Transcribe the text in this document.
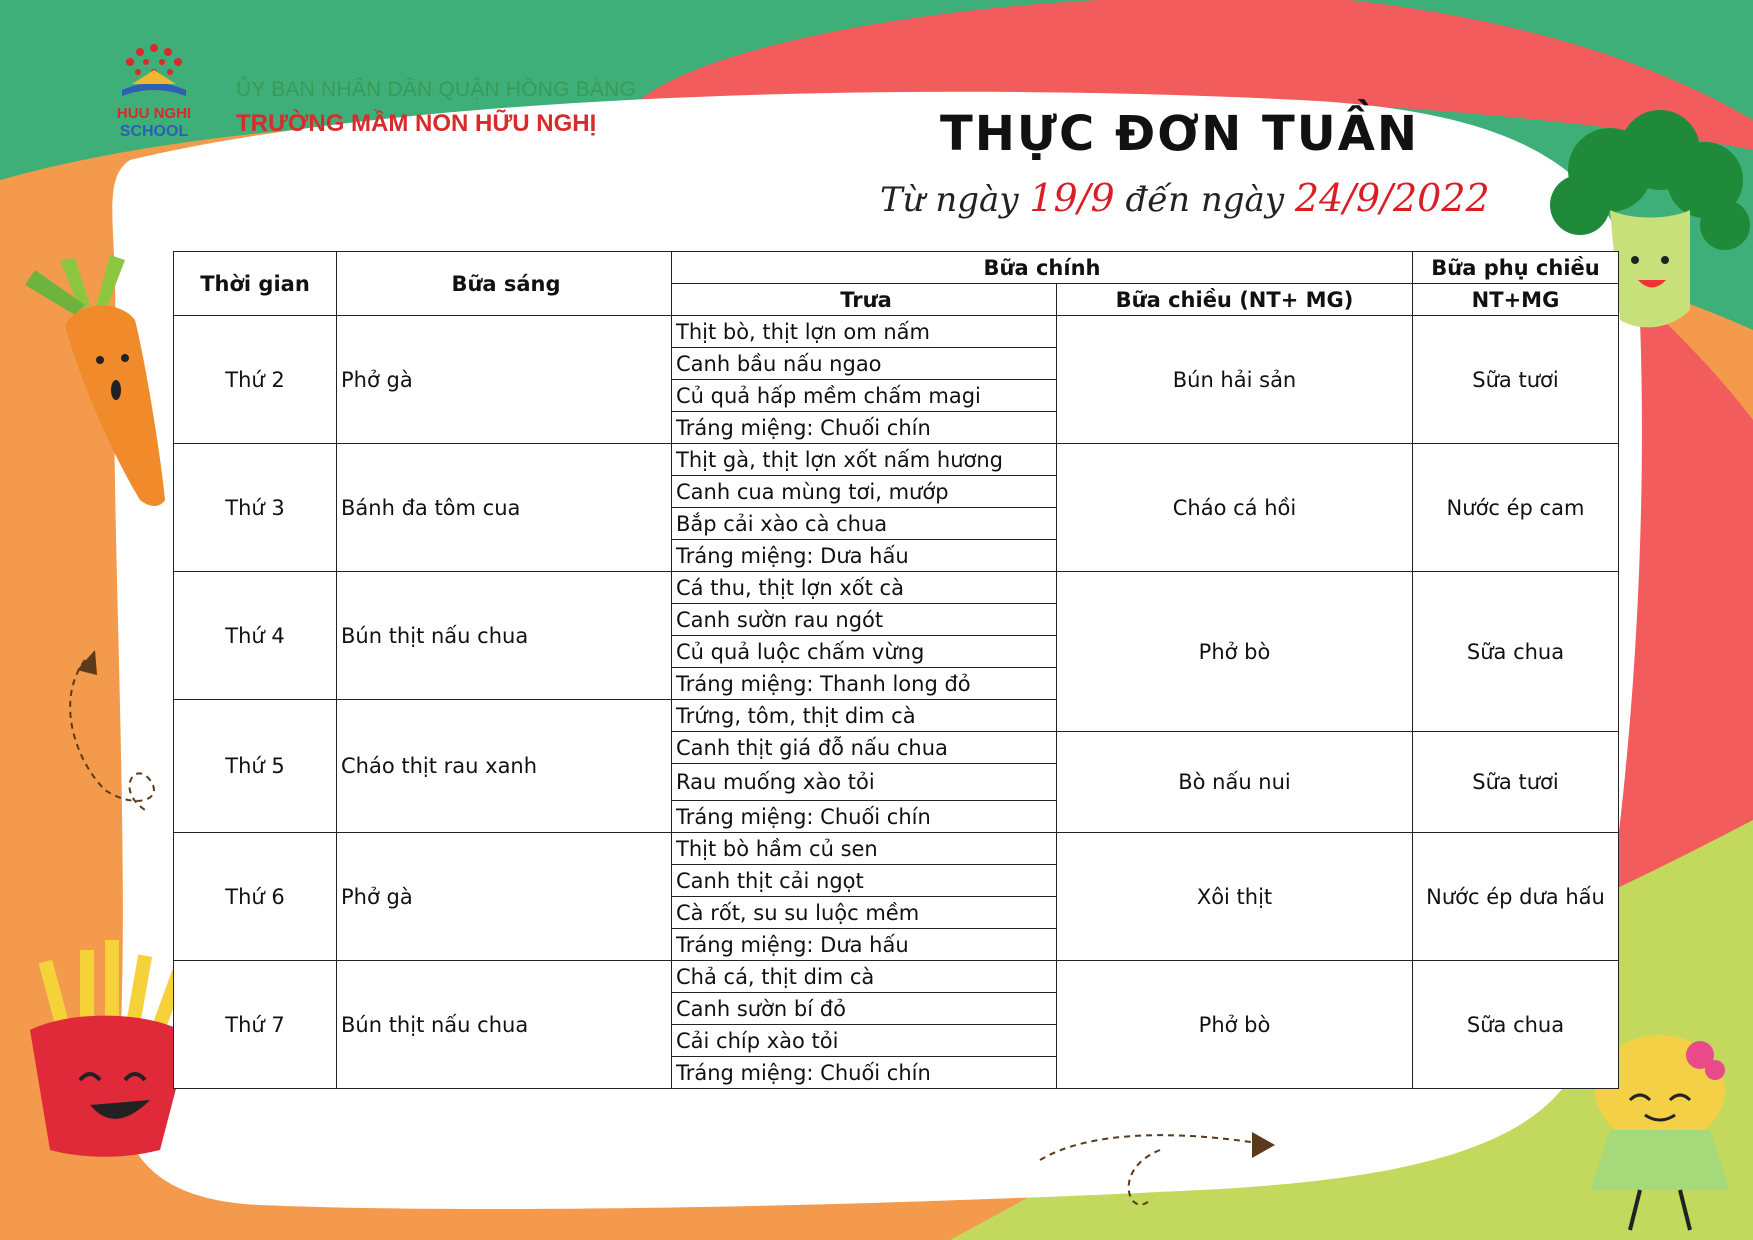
HUU NGHI
SCHOOL
ỦY BAN NHÂN DÂN QUẬN HỒNG BÀNG
TRƯỜNG MẦM NON HỮU NGHỊ	THỰC ĐƠN TUẦN
Từ ngày 19/9 đến ngày 24/9/2022
Thời gian	Bữa sáng	Bữa chính		Bữa phụ chiều
		Trưa	Bữa chiều (NT+ MG)	NT+MG
Thứ 2	Phở gà	Thịt bò, thịt lợn om nấm	Bún hải sản	Sữa tươi
		Canh bầu nấu ngao		
		Củ quả hấp mềm chấm magi		
		Tráng miệng: Chuối chín		
Thứ 3	Bánh đa tôm cua	Thịt gà, thịt lợn xốt nấm hương	Cháo cá hồi	Nước ép cam
		Canh cua mùng tơi, mướp		
		Bắp cải xào cà chua		
		Tráng miệng: Dưa hấu		
Thứ 4	Bún thịt nấu chua	Cá thu, thịt lợn xốt cà	Phở bò	Sữa chua
		Canh sườn rau ngót		
		Củ quả luộc chấm vừng		
		Tráng miệng: Thanh long đỏ		
Thứ 5	Cháo thịt rau xanh	Trứng, tôm, thịt dim cà		
		Canh thịt giá đỗ nấu chua	Bò nấu nui	Sữa tươi
		Rau muống xào tỏi		
		Tráng miệng: Chuối chín		
Thứ 6	Phở gà	Thịt bò hầm củ sen	Xôi thịt	Nước ép dưa hấu
		Canh thịt cải ngọt		
		Cà rốt, su su luộc mềm		
		Tráng miệng: Dưa hấu		
Thứ 7	Bún thịt nấu chua	Chả cá, thịt dim cà	Phở bò	Sữa chua
		Canh sườn bí đỏ		
		Cải chíp xào tỏi		
		Tráng miệng: Chuối chín		
